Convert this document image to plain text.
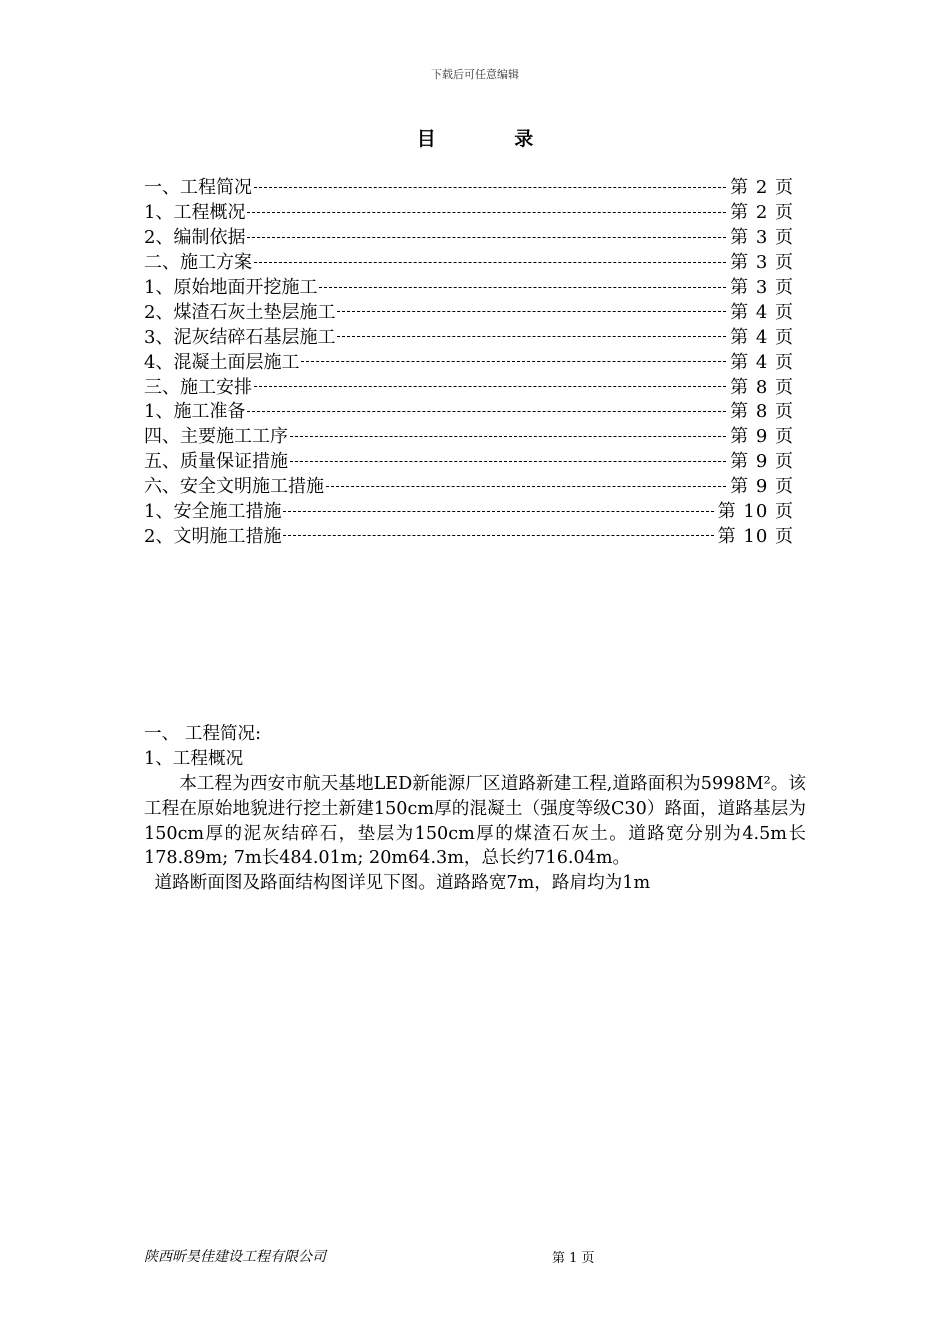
下载后可任意编辑
目 录
一、工程简况	第 2 页
1、工程概况	第 2 页
2、编制依据	第 3 页
二、施工方案	第 3 页
1、原始地面开挖施工	第 3 页
2、煤渣石灰土垫层施工	第 4 页
3、泥灰结碎石基层施工	第 4 页
4、混凝土面层施工	第 4 页
三、施工安排	第 8 页
1、施工准备	第 8 页
四、主要施工工序	第 9 页
五、质量保证措施	第 9 页
六、安全文明施工措施	第 9 页
1、安全施工措施	第 10 页
2、文明施工措施	第 10 页
一、 工程简况:
1、工程概况

本工程为西安市航天基地LED新能源厂区道路新建工程,道路面积为5998M²。该工程在原始地貌进行挖土新建150cm厚的混凝土（强度等级C30）路面，道路基层为150cm厚的泥灰结碎石，垫层为150cm厚的煤渣石灰土。道路宽分别为4.5m长178.89m; 7m长484.01m; 20m64.3m，总长约716.04m。

道路断面图及路面结构图详见下图。道路路宽7m，路肩均为1m

陕西昕昊佳建设工程有限公司	第 1 页
